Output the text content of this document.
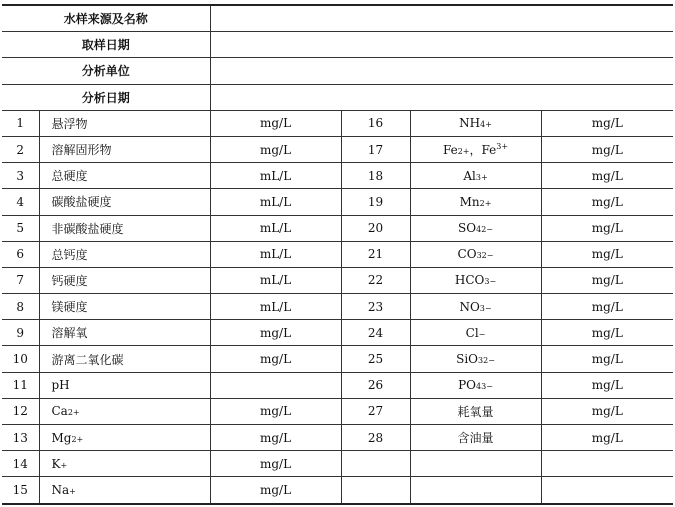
水样来源及名称					
取样日期					
分析单位					
分析日期					
1	悬浮物	mg/L	16	NH 4 +	mg/L
2	溶解固形物	mg/L	17	Fe 2+ ，$Fe^{3+}$	mg/L
3	总硬度	mL/L	18	Al 3+	mg/L
4	碳酸盐硬度	mL/L	19	Mn 2+	mg/L
5	非碳酸盐硬度	mL/L	20	SO 4 2−	mg/L
6	总钙度	mL/L	21	CO 3 2−	mg/L
7	钙硬度	mL/L	22	HCO 3 −	mg/L
8	镁硬度	mL/L	23	NO 3 −	mg/L
9	溶解氧	mg/L	24	Cl −	mg/L
10	游离二氧化碳	mg/L	25	SiO 3 2−	mg/L
11	pH		26	PO 4 3−	mg/L
12	Ca 2+	mg/L	27	耗氧量	mg/L
13	Mg 2+	mg/L	28	含油量	mg/L
14	K +	mg/L			
15	Na +	mg/L			
